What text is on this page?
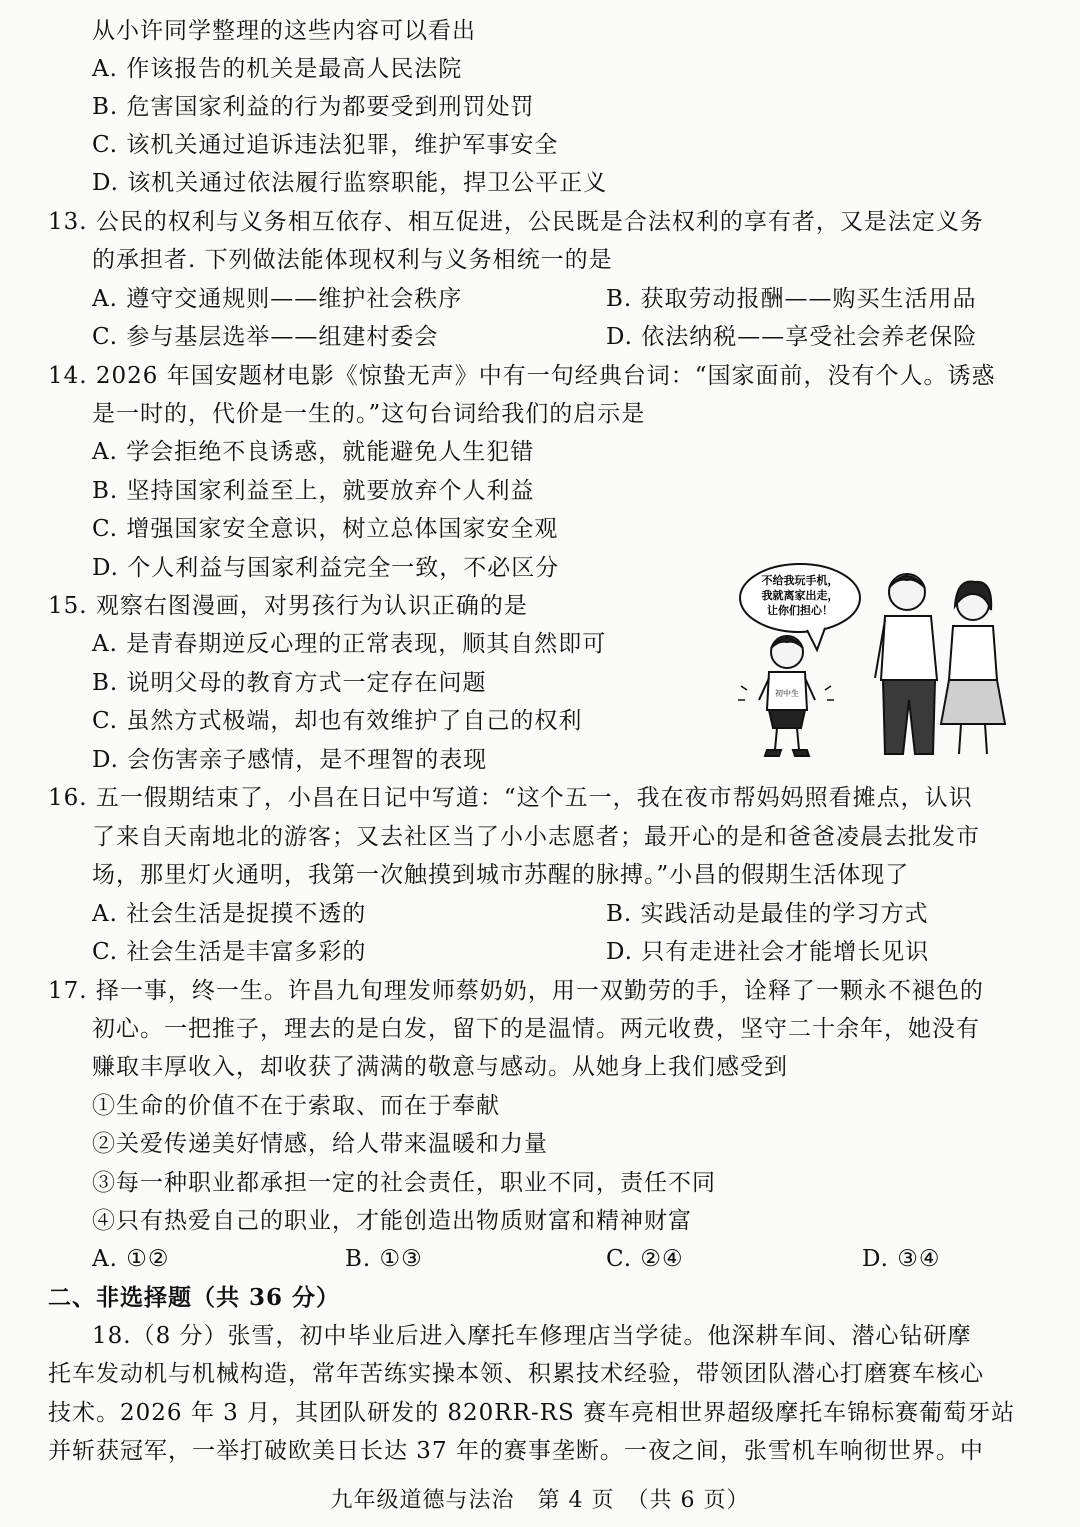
从小许同学整理的这些内容可以看出
A. 作该报告的机关是最高人民法院
B. 危害国家利益的行为都要受到刑罚处罚
C. 该机关通过追诉违法犯罪，维护军事安全
D. 该机关通过依法履行监察职能，捍卫公平正义
13. 公民的权利与义务相互依存、相互促进，公民既是合法权利的享有者，又是法定义务
的承担者. 下列做法能体现权利与义务相统一的是
A. 遵守交通规则——维护社会秩序	B. 获取劳动报酬——购买生活用品
C. 参与基层选举——组建村委会	D. 依法纳税——享受社会养老保险
14. 2026 年国安题材电影《惊蛰无声》中有一句经典台词：“国家面前，没有个人。诱惑
是一时的，代价是一生的。”这句台词给我们的启示是
A. 学会拒绝不良诱惑，就能避免人生犯错
B. 坚持国家利益至上，就要放弃个人利益
C. 增强国家安全意识，树立总体国家安全观
D. 个人利益与国家利益完全一致，不必区分
15. 观察右图漫画，对男孩行为认识正确的是
A. 是青春期逆反心理的正常表现，顺其自然即可
B. 说明父母的教育方式一定存在问题
C. 虽然方式极端，却也有效维护了自己的权利
D. 会伤害亲子感情，是不理智的表现
不给我玩手机，
我就离家出走，
让你们担心！
初中生
16. 五一假期结束了，小昌在日记中写道：“这个五一，我在夜市帮妈妈照看摊点，认识
了来自天南地北的游客；又去社区当了小小志愿者；最开心的是和爸爸凌晨去批发市
场，那里灯火通明，我第一次触摸到城市苏醒的脉搏。”小昌的假期生活体现了
A. 社会生活是捉摸不透的	B. 实践活动是最佳的学习方式
C. 社会生活是丰富多彩的	D. 只有走进社会才能增长见识
17. 择一事，终一生。许昌九旬理发师蔡奶奶，用一双勤劳的手，诠释了一颗永不褪色的
初心。一把推子，理去的是白发，留下的是温情。两元收费，坚守二十余年，她没有
赚取丰厚收入，却收获了满满的敬意与感动。从她身上我们感受到
①生命的价值不在于索取、而在于奉献
②关爱传递美好情感，给人带来温暖和力量
③每一种职业都承担一定的社会责任，职业不同，责任不同
④只有热爱自己的职业，才能创造出物质财富和精神财富
A. ①②	B. ①③	C. ②④	D. ③④
二、非选择题（共 36 分）
18.（8 分）张雪，初中毕业后进入摩托车修理店当学徒。他深耕车间、潜心钻研摩
托车发动机与机械构造，常年苦练实操本领、积累技术经验，带领团队潜心打磨赛车核心
技术。2026 年 3 月，其团队研发的 820RR-RS 赛车亮相世界超级摩托车锦标赛葡萄牙站
并斩获冠军，一举打破欧美日长达 37 年的赛事垄断。一夜之间，张雪机车响彻世界。中
九年级道德与法治　第 4 页　（共 6 页）
